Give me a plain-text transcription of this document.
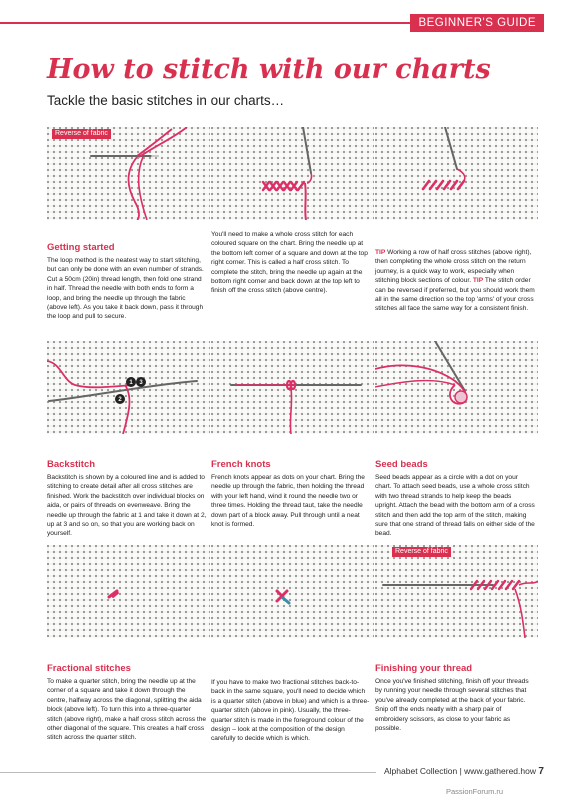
BEGINNER'S GUIDE
How to stitch with our charts

Tackle the basic stitches in our charts…

Reverse of fabric
Getting started

The loop method is the neatest way to start stitching, but can only be done with an even number of strands. Cut a 50cm (20in) thread length, then fold one strand in half. Thread the needle with both ends to form a loop, and bring the needle up through the fabric (above left). As you take it back down, pass it through the loop and pull to secure.

You'll need to make a whole cross stitch for each coloured square on the chart. Bring the needle up at the bottom left corner of a square and down at the top right corner. This is called a half cross stitch. To complete the stitch, bring the needle up again at the bottom right corner and back down at the top left to finish off the cross stitch (above centre).

TIP Working a row of half cross stitches (above right), then completing the whole cross stitch on the return journey, is a quick way to work, especially when stitching block sections of colour. TIP The stitch order can be reversed if preferred, but you should work them all in the same direction so the top 'arms' of your cross stitches all face the same way for a consistent finish.

1
2
3
Backstitch

Backstitch is shown by a coloured line and is added to stitching to create detail after all cross stitches are finished. Work the backstitch over individual blocks on aida, or pairs of threads on evenweave. Bring the needle up through the fabric at 1 and take it down at 2, up at 3 and so on, so that you are working back on yourself.

French knots

French knots appear as dots on your chart. Bring the needle up through the fabric, then holding the thread with your left hand, wind it round the needle two or three times. Holding the thread taut, take the needle down part of a block away. Pull through until a neat knot is formed.

Seed beads

Seed beads appear as a circle with a dot on your chart. To attach seed beads, use a whole cross stitch with two thread strands to help keep the beads upright. Attach the bead with the bottom arm of a cross stitch and then add the top arm of the stitch, making sure that one strand of thread falls on either side of the bead.

Reverse of fabric
Fractional stitches

To make a quarter stitch, bring the needle up at the corner of a square and take it down through the centre, halfway across the diagonal, splitting the aida block (above left). To turn this into a three-quarter stitch (above right), make a half cross stitch across the other diagonal of the square. This creates a half cross stitch across the quarter stitch.

If you have to make two fractional stitches back-to-back in the same square, you'll need to decide which is a quarter stitch (above in blue) and which is a three-quarter stitch (above in pink). Usually, the three-quarter stitch is made in the foreground colour of the design – look at the composition of the design carefully to decide which is which.

Finishing your thread

Once you've finished stitching, finish off your threads by running your needle through several stitches that you've already completed at the back of your fabric. Snip off the ends neatly with a sharp pair of embroidery scissors, as close to your fabric as possible.

Alphabet Collection | www.gathered.how 7
PassionForum.ru
